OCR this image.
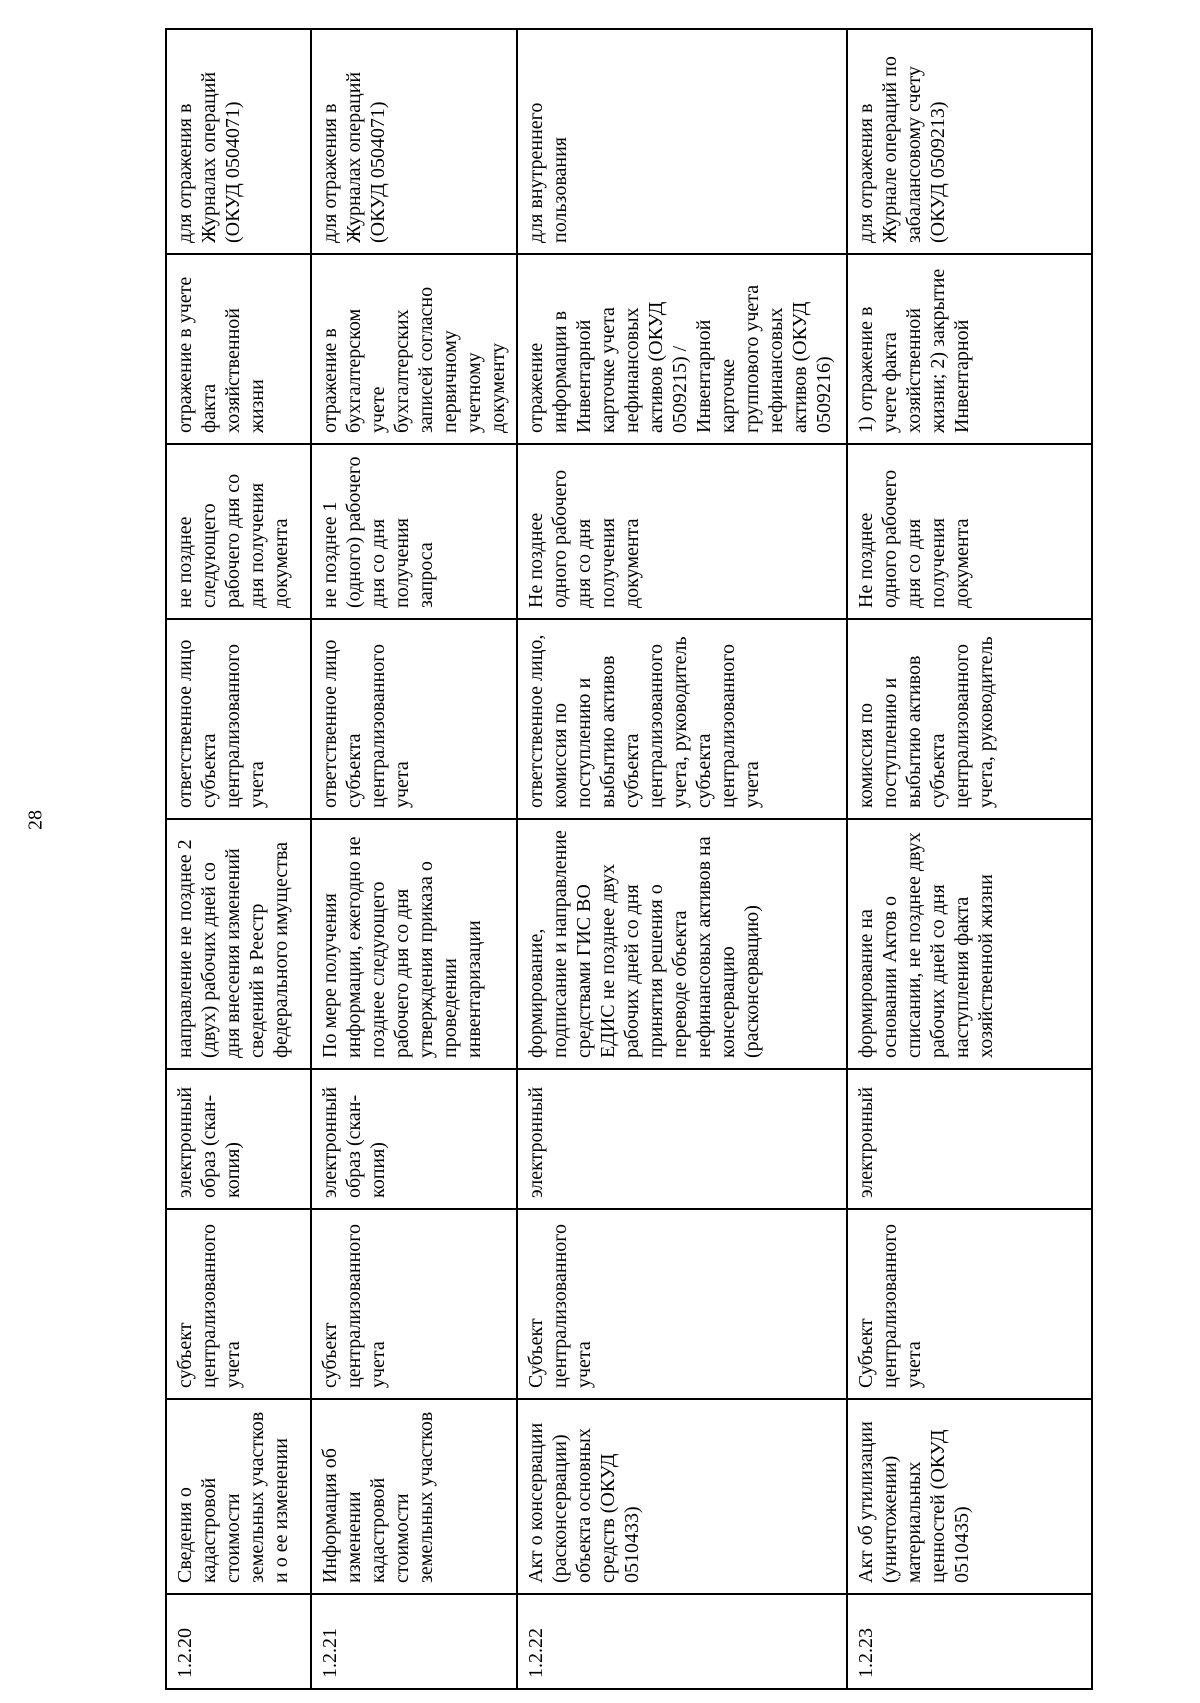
28
1.2.20	Сведения о кадастровой стоимости земельных участков и о ее изменении	субъект централизованного учета	электронный образ (скан-копия)	направление не позднее 2 (двух) рабочих дней со дня внесения изменений сведений в Реестр федерального имущества	ответственное лицо субъекта централизованного учета	не позднее следующего рабочего дня со дня получения документа	отражение в учете факта хозяйственной жизни	для отражения в Журналах операций (ОКУД 0504071)
1.2.21	Информация об изменении кадастровой стоимости земельных участков	субъект централизованного учета	электронный образ (скан-копия)	По мере получения информации, ежегодно не позднее следующего рабочего дня со дня утверждения приказа о проведении инвентаризации	ответственное лицо субъекта централизованного учета	не позднее 1 (одного) рабочего дня со дня получения запроса	отражение в бухгалтерском учете бухгалтерских записей согласно первичному учетному документу	для отражения в Журналах операций (ОКУД 0504071)
1.2.22	Акт о консервации (расконсервации) объекта основных средств (ОКУД 0510433)	Субъект централизованного учета	электронный	формирование, подписание и направление средствами ГИС ВО ЕДИС не позднее двух рабочих дней со дня принятия решения о переводе объекта нефинансовых активов на консервацию (расконсервацию)	ответственное лицо, комиссия по поступлению и выбытию активов субъекта централизованного учета, руководитель субъекта централизованного учета	Не позднее одного рабочего дня со дня получения документа	отражение информации в Инвентарной карточке учета нефинансовых активов (ОКУД 0509215) / Инвентарной карточке группового учета нефинансовых активов (ОКУД 0509216)	для внутреннего пользования
1.2.23	Акт об утилизации (уничтожении) материальных ценностей (ОКУД 0510435)	Субъект централизованного учета	электронный	формирование на основании Актов о списании, не позднее двух рабочих дней со дня наступления факта хозяйственной жизни	комиссия по поступлению и выбытию активов субъекта централизованного учета, руководитель	Не позднее одного рабочего дня со дня получения документа	1) отражение в учете факта хозяйственной жизни; 2) закрытие Инвентарной	для отражения в Журнале операций по забалансовому счету (ОКУД 0509213)
